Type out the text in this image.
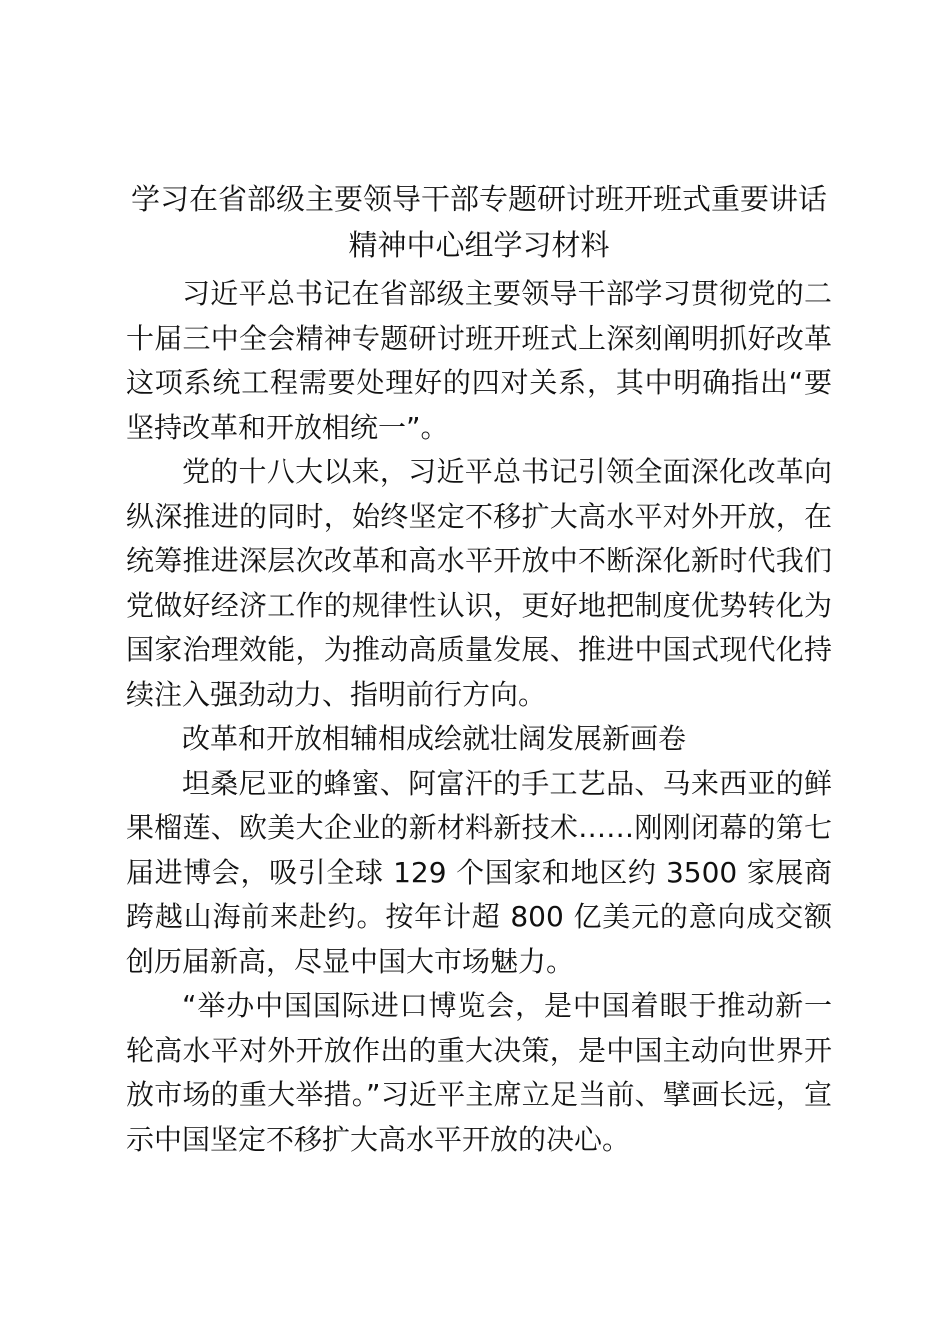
学习在省部级主要领导干部专题研讨班开班式重要讲话
精神中心组学习材料

习近平总书记在省部级主要领导干部学习贯彻党的二十届三中全会精神专题研讨班开班式上深刻阐明抓好改革这项系统工程需要处理好的四对关系，其中明确指出“要坚持改革和开放相统一”。

党的十八大以来，习近平总书记引领全面深化改革向纵深推进的同时，始终坚定不移扩大高水平对外开放，在统筹推进深层次改革和高水平开放中不断深化新时代我们党做好经济工作的规律性认识，更好地把制度优势转化为国家治理效能，为推动高质量发展、推进中国式现代化持续注入强劲动力、指明前行方向。

改革和开放相辅相成绘就壮阔发展新画卷

坦桑尼亚的蜂蜜、阿富汗的手工艺品、马来西亚的鲜果榴莲、欧美大企业的新材料新技术……刚刚闭幕的第七届进博会，吸引全球 129 个国家和地区约 3500 家展商跨越山海前来赴约。按年计超 800 亿美元的意向成交额创历届新高，尽显中国大市场魅力。

“举办中国国际进口博览会，是中国着眼于推动新一轮高水平对外开放作出的重大决策，是中国主动向世界开放市场的重大举措。”习近平主席立足当前、擘画长远，宣示中国坚定不移扩大高水平开放的决心。
